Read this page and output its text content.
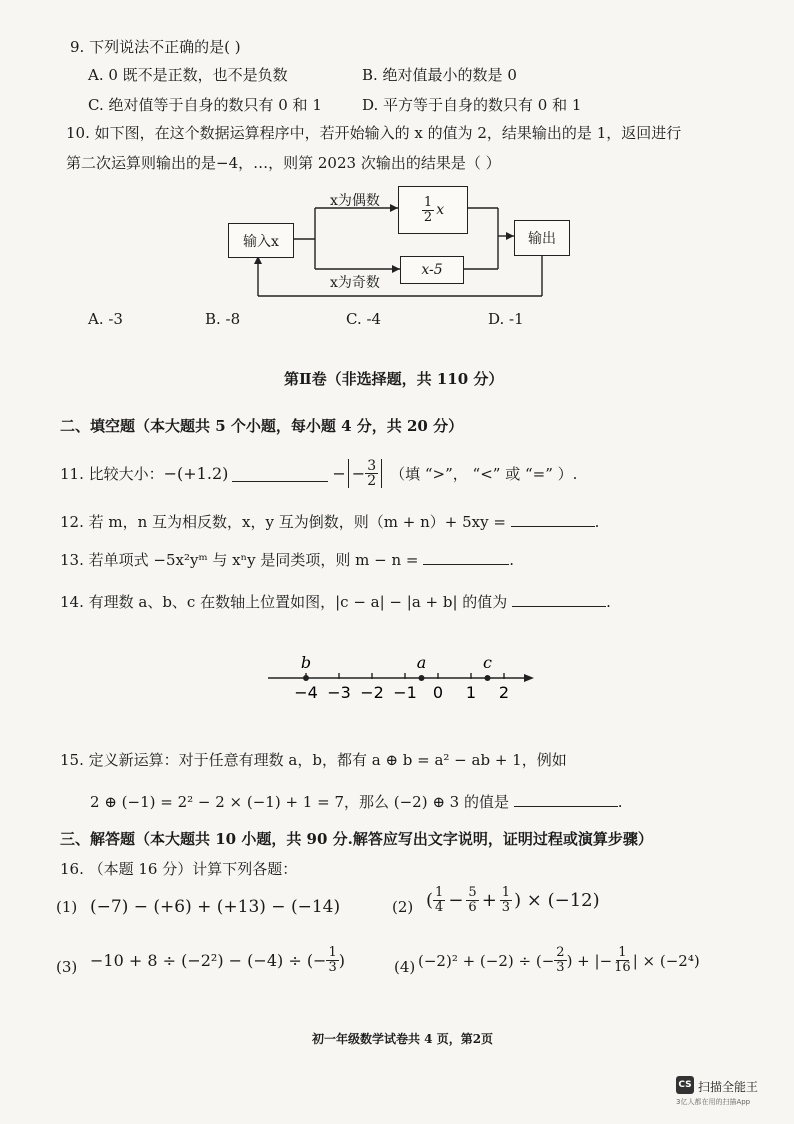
9. 下列说法不正确的是( )
A. 0 既不是正数，也不是负数	B. 绝对值最小的数是 0
C. 绝对值等于自身的数只有 0 和 1	D. 平方等于自身的数只有 0 和 1
10. 如下图，在这个数据运算程序中，若开始输入的 x 的值为 2，结果输出的是 1，返回进行
第二次运算则输出的是−4，…，则第 2023 次输出的结果是（ ）
输入x
$\frac{1}{2}$ x
x-5
输出
x为偶数
x为奇数
A. -3	B. -8	C. -4	D. -1
第Ⅱ卷（非选择题，共 110 分）
二、填空题（本大题共 5 个小题，每小题 4 分，共 20 分）
11. 比较大小： −(+1.2)	− − $\frac{3}{2}$ （填 “>”， “<” 或 “=” ）.
12. 若 m，n 互为相反数，x，y 互为倒数，则（m + n）+ 5xy =	.
13. 若单项式 −5x²yᵐ 与 xⁿy 是同类项，则 m − n =	.
14. 有理数 a、b、c 在数轴上位置如图，|c − a| − |a + b| 的值为	.
−4 −3 −2 −1 0 1 2
b	a	c
15. 定义新运算：对于任意有理数 a，b，都有 a ⊕ b = a² − ab + 1，例如
2 ⊕ (−1) = 2² − 2 × (−1) + 1 = 7，那么 (−2) ⊕ 3 的值是	.
三、解答题（本大题共 10 小题，共 90 分.解答应写出文字说明，证明过程或演算步骤）
16. （本题 16 分）计算下列各题：
(1) (−7) − (+6) + (+13) − (−14)	(2) ( $\frac{1}{4} - \frac{5}{6} + \frac{1}{3}$ ) × (−12)
(3) −10 + 8 ÷ (−2²) − (−4) ÷ (− $\frac{1}{3}$ )	(4) (−2)² + (−2) ÷ (− $\frac{2}{3}$ ) + |− $\frac{1}{16}$ | × (−2⁴)
初一年级数学试卷共 4 页，第2页
CS 扫描全能王
3亿人都在用的扫描App
